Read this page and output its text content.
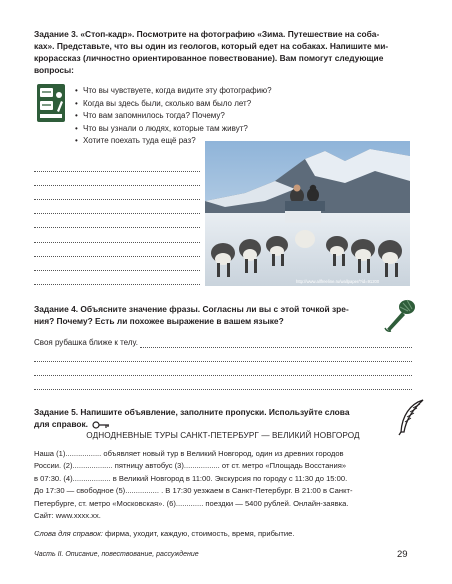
Задание 3. «Стоп-кадр». Посмотрите на фотографию «Зима. Путешествие на соба-
ках». Представьте, что вы один из геологов, который едет на собаках. Напишите ми-
крорассказ (личностно ориентированное повествование). Вам помогут следующие
вопросы:
• Что вы чувствуете, когда видите эту фотографию?
• Когда вы здесь были, сколько вам было лет?
• Что вам запомнилось тогда? Почему?
• Что вы узнали о людях, которые там живут?
• Хотите поехать туда ещё раз?
http://www.allfreeline.ru/wallpaper/?id=91200
Задание 4. Объясните значение фразы. Согласны ли вы с этой точкой зре-
ния? Почему? Есть ли похожее выражение в вашем языке?
Своя рубашка ближе к телу.
Задание 5. Напишите объявление, заполните пропуски. Используйте слова
для справок.
ОДНОДНЕВНЫЕ ТУРЫ САНКТ-ПЕТЕРБУРГ — ВЕЛИКИЙ НОВГОРОД
Наша (1)................. объявляет новый тур в Великий Новгород, один из древних городов
России. (2)................... пятницу автобус (3)................. от ст. метро «Площадь Восстания»
в 07:30. (4).................. в Великий Новгород в 11:00. Экскурсия по городу с 11:30 до 15:00.
До 17:30 — свободное (5)................ . В 17:30 уезжаем в Санкт-Петербург. В 21:00 в Санкт-
Петербурге, ст. метро «Московская». (6)............. поездки — 5400 рублей. Онлайн-заявка.
Сайт: www.xxxx.xx.
Слова для справок: фирма, уходит, каждую, стоимость, время, прибытие.
Часть II. Описание, повествование, рассуждение	29
